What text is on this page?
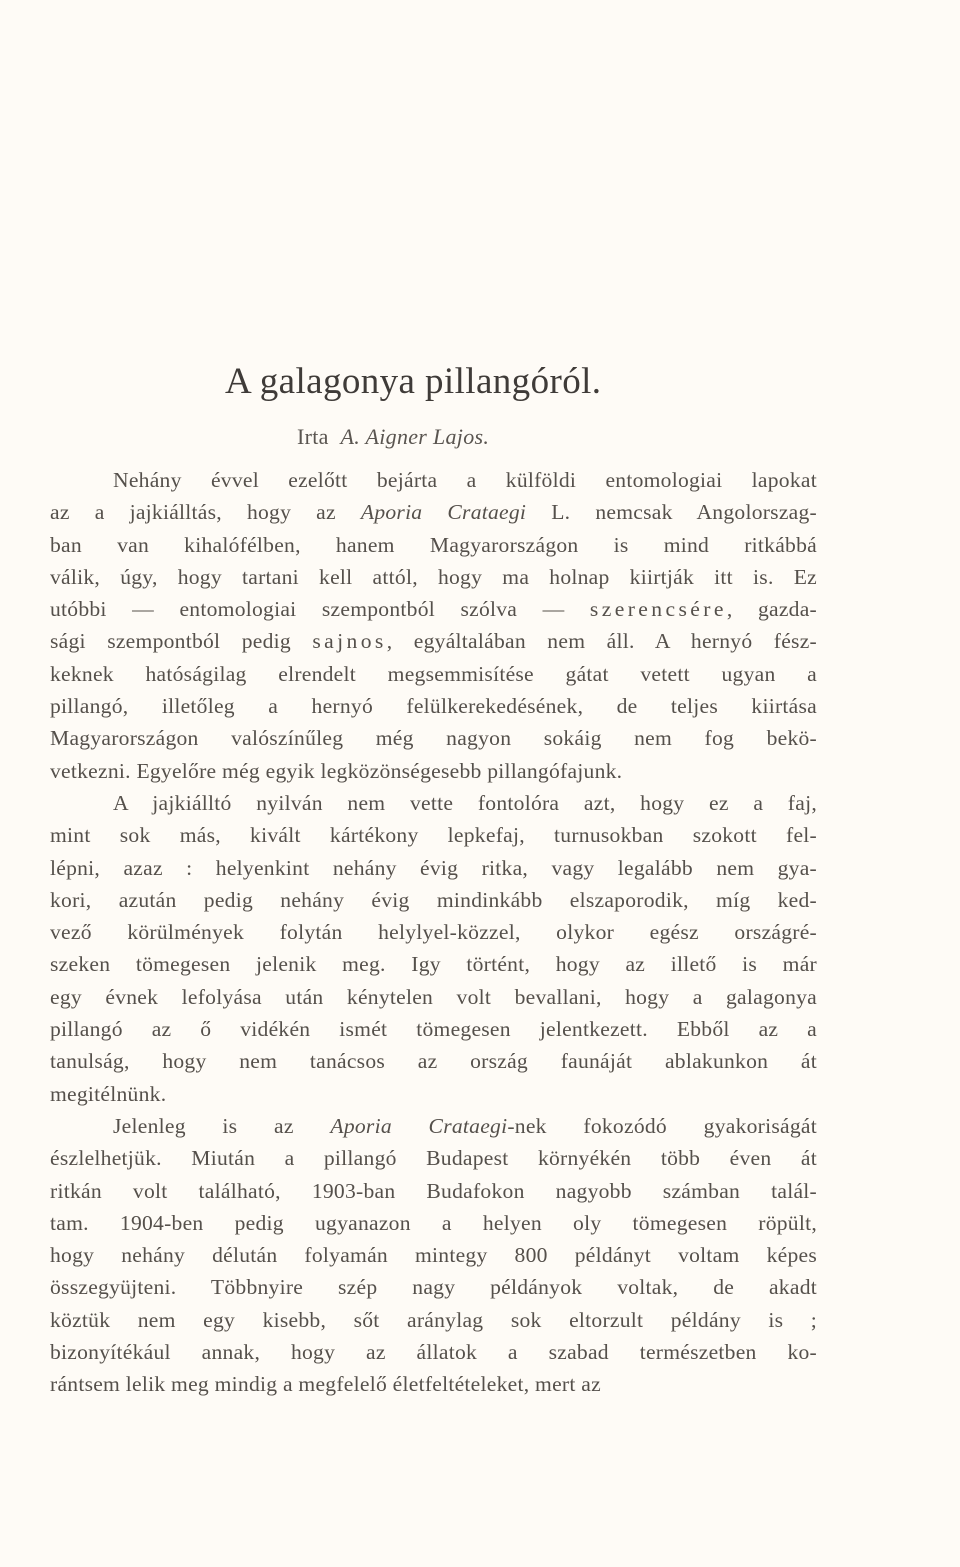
A galagonya pillangóról.
Irta A. Aigner Lajos.
Nehány évvel ezelőtt bejárta a külföldi entomologiai lapokat
az a jajkiálltás, hogy az Aporia Crataegi L. nemcsak Angolorszag-
ban van kihalófélben, hanem Magyarországon is mind ritkábbá
válik, úgy, hogy tartani kell attól, hogy ma holnap kiirtják itt is. Ez
utóbbi — entomologiai szempontból szólva — szerencsére, gazda-
sági szempontból pedig sajnos, egyáltalában nem áll. A hernyó fész-
keknek hatóságilag elrendelt megsemmisítése gátat vetett ugyan a
pillangó, illetőleg a hernyó felülkerekedésének, de teljes kiirtása
Magyarországon valószínűleg még nagyon sokáig nem fog bekö-
vetkezni. Egyelőre még egyik legközönségesebb pillangófajunk.
A jajkiálltó nyilván nem vette fontolóra azt, hogy ez a faj,
mint sok más, kivált kártékony lepkefaj, turnusokban szokott fel-
lépni, azaz : helyenkint nehány évig ritka, vagy legalább nem gya-
kori, azután pedig nehány évig mindinkább elszaporodik, míg ked-
vező körülmények folytán helylyel-közzel, olykor egész országré-
szeken tömegesen jelenik meg. Igy történt, hogy az illető is már
egy évnek lefolyása után kénytelen volt bevallani, hogy a galagonya
pillangó az ő vidékén ismét tömegesen jelentkezett. Ebből az a
tanulság, hogy nem tanácsos az ország faunáját ablakunkon át
megitélnünk.
Jelenleg is az Aporia Crataegi-nek fokozódó gyakoriságát
észlelhetjük. Miután a pillangó Budapest környékén több éven át
ritkán volt található, 1903-ban Budafokon nagyobb számban talál-
tam. 1904-ben pedig ugyanazon a helyen oly tömegesen röpült,
hogy nehány délután folyamán mintegy 800 példányt voltam képes
összegyüjteni. Többnyire szép nagy példányok voltak, de akadt
köztük nem egy kisebb, sőt aránylag sok eltorzult példány is ;
bizonyítékául annak, hogy az állatok a szabad természetben ko-
rántsem lelik meg mindig a megfelelő életfeltételeket, mert az
